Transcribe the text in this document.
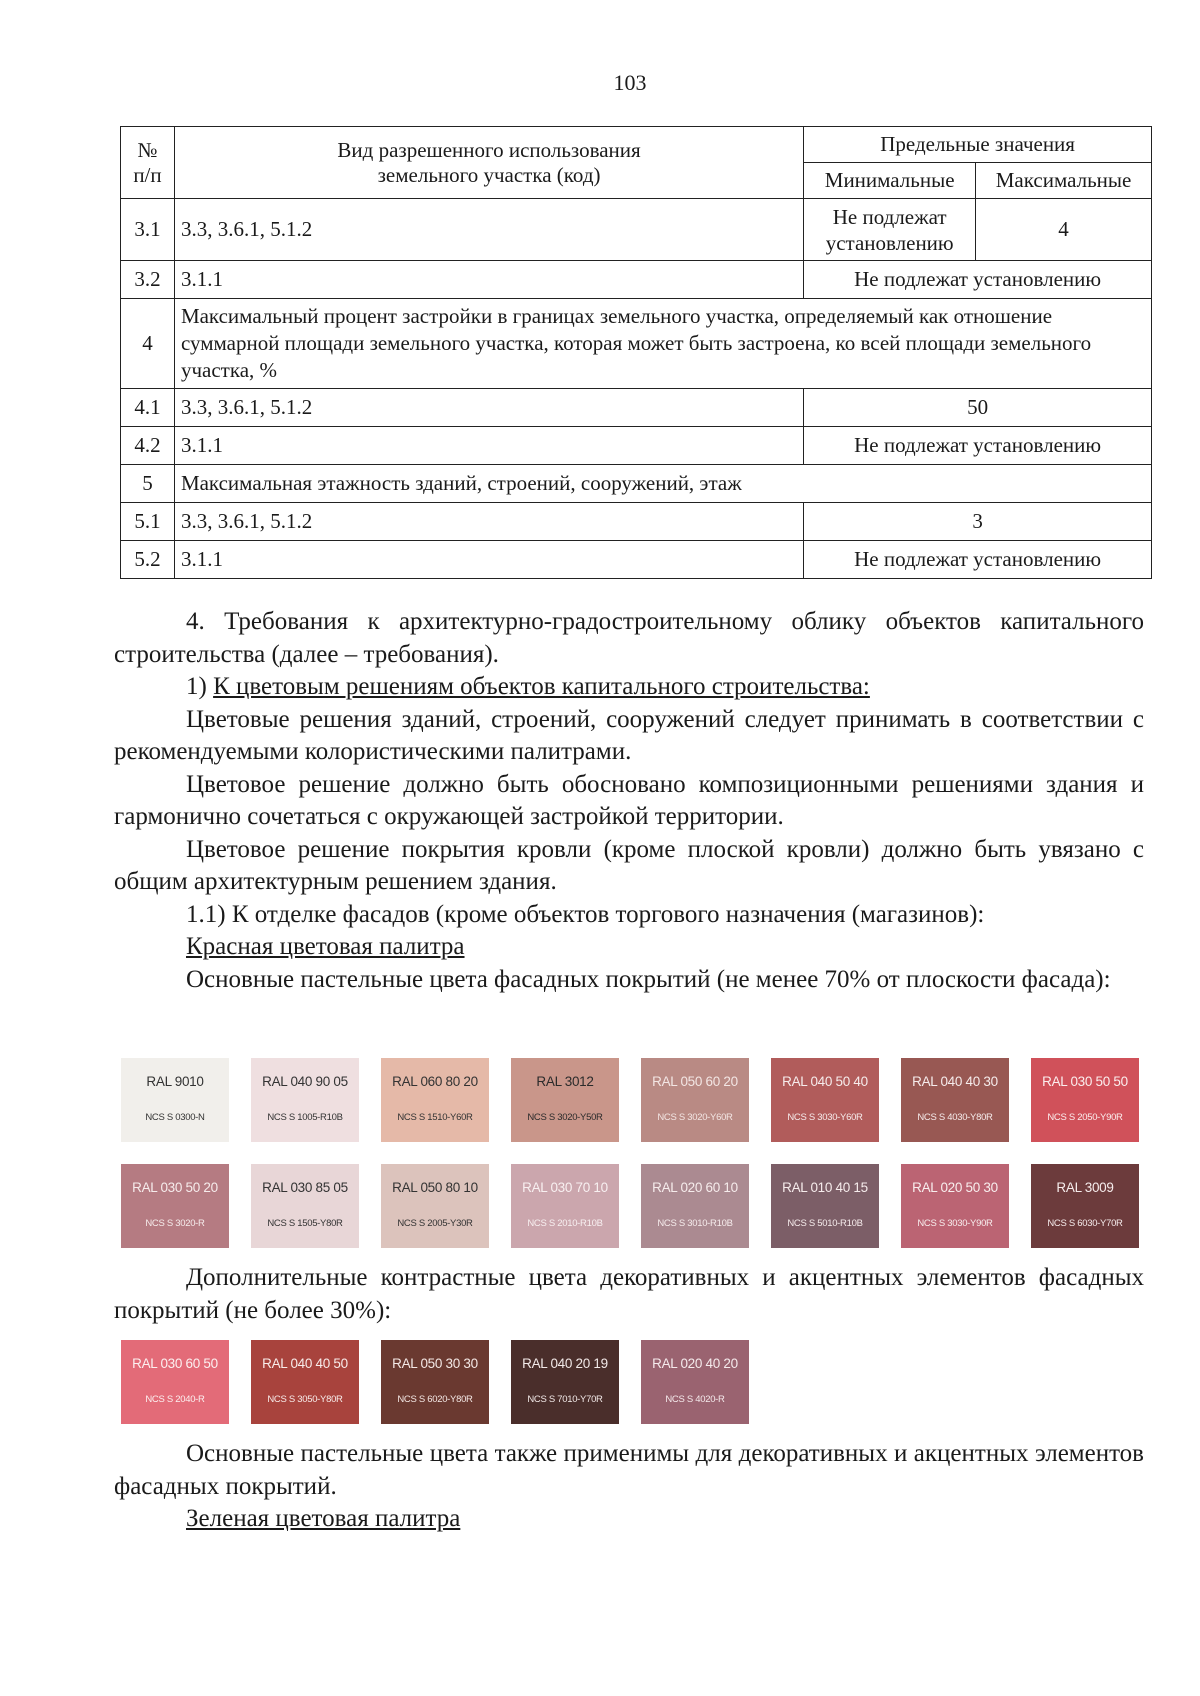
103
№ п/п	Вид разрешенного использования земельного участка (код)	Предельные значения	
		Минимальные	Максимальные
3.1	3.3, 3.6.1, 5.1.2	Не подлежат установлению	4
3.2	3.1.1	Не подлежат установлению	
4	Максимальный процент застройки в границах земельного участка, определяемый как отношение суммарной площади земельного участка, которая может быть застроена, ко всей площади земельного участка, %		
4.1	3.3, 3.6.1, 5.1.2	50	
4.2	3.1.1	Не подлежат установлению	
5	Максимальная этажность зданий, строений, сооружений, этаж		
5.1	3.3, 3.6.1, 5.1.2	3	
5.2	3.1.1	Не подлежат установлению	

4. Требования к архитектурно-градостроительному облику объектов капитального строительства (далее – требования).

1) К цветовым решениям объектов капитального строительства:

Цветовые решения зданий, строений, сооружений следует принимать в соответствии с рекомендуемыми колористическими палитрами.

Цветовое решение должно быть обосновано композиционными решениями здания и гармонично сочетаться с окружающей застройкой территории.

Цветовое решение покрытия кровли (кроме плоской кровли) должно быть увязано с общим архитектурным решением здания.

1.1) К отделке фасадов (кроме объектов торгового назначения (магазинов):

Красная цветовая палитра

Основные пастельные цвета фасадных покрытий (не менее 70% от плоскости фасада):

Дополнительные контрастные цвета декоративных и акцентных элементов фасадных покрытий (не более 30%):

Основные пастельные цвета также применимы для декоративных и акцентных элементов фасадных покрытий.

Зеленая цветовая палитра

RAL 9010
NCS S 0300-N
RAL 040 90 05
NCS S 1005-R10B
RAL 060 80 20
NCS S 1510-Y60R
RAL 3012
NCS S 3020-Y50R
RAL 050 60 20
NCS S 3020-Y60R
RAL 040 50 40
NCS S 3030-Y60R
RAL 040 40 30
NCS S 4030-Y80R
RAL 030 50 50
NCS S 2050-Y90R
RAL 030 50 20
NCS S 3020-R
RAL 030 85 05
NCS S 1505-Y80R
RAL 050 80 10
NCS S 2005-Y30R
RAL 030 70 10
NCS S 2010-R10B
RAL 020 60 10
NCS S 3010-R10B
RAL 010 40 15
NCS S 5010-R10B
RAL 020 50 30
NCS S 3030-Y90R
RAL 3009
NCS S 6030-Y70R
RAL 030 60 50
NCS S 2040-R
RAL 040 40 50
NCS S 3050-Y80R
RAL 050 30 30
NCS S 6020-Y80R
RAL 040 20 19
NCS S 7010-Y70R
RAL 020 40 20
NCS S 4020-R
